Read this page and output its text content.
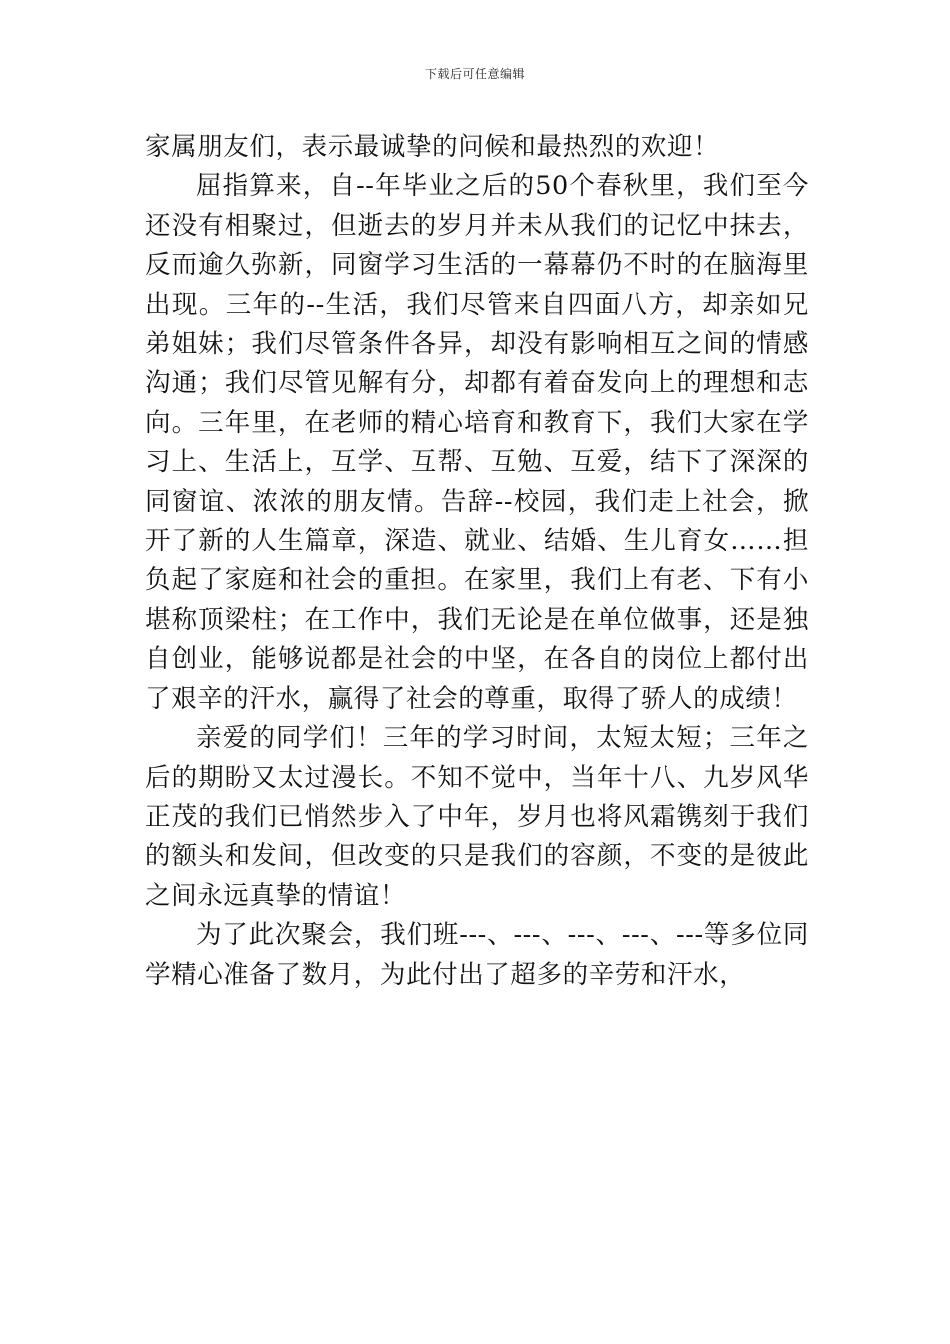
下载后可任意编辑

家属朋友们，表示最诚挚的问候和最热烈的欢迎！

屈指算来，自--年毕业之后的50个春秋里，我们至今还没有相聚过，但逝去的岁月并未从我们的记忆中抹去，反而逾久弥新，同窗学习生活的一幕幕仍不时的在脑海里出现。三年的--生活，我们尽管来自四面八方，却亲如兄弟姐妹；我们尽管条件各异，却没有影响相互之间的情感沟通；我们尽管见解有分，却都有着奋发向上的理想和志向。三年里，在老师的精心培育和教育下，我们大家在学习上、生活上，互学、互帮、互勉、互爱，结下了深深的同窗谊、浓浓的朋友情。告辞--校园，我们走上社会，掀开了新的人生篇章，深造、就业、结婚、生儿育女……担负起了家庭和社会的重担。在家里，我们上有老、下有小堪称顶梁柱；在工作中，我们无论是在单位做事，还是独自创业，能够说都是社会的中坚，在各自的岗位上都付出了艰辛的汗水，赢得了社会的尊重，取得了骄人的成绩！

亲爱的同学们！三年的学习时间，太短太短；三年之后的期盼又太过漫长。不知不觉中，当年十八、九岁风华正茂的我们已悄然步入了中年，岁月也将风霜镌刻于我们的额头和发间，但改变的只是我们的容颜，不变的是彼此之间永远真挚的情谊！

为了此次聚会，我们班---、---、---、---、---等多位同学精心准备了数月，为此付出了超多的辛劳和汗水，
